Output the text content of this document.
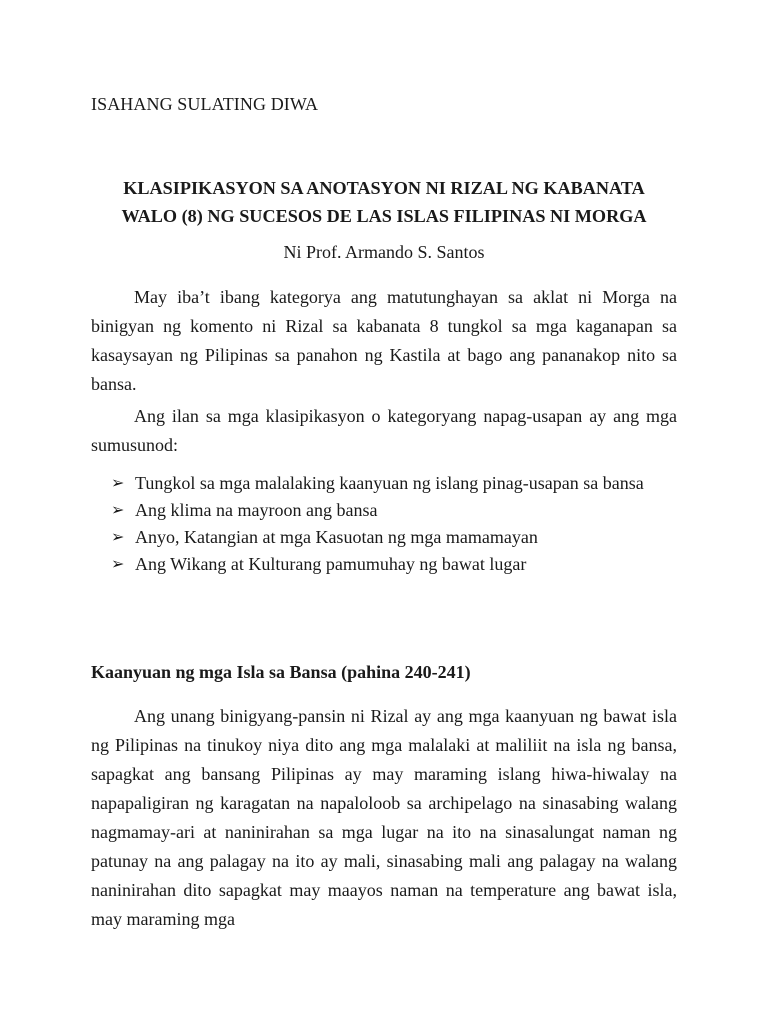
ISAHANG SULATING DIWA
KLASIPIKASYON SA ANOTASYON NI RIZAL NG KABANATA
WALO (8) NG SUCESOS DE LAS ISLAS FILIPINAS NI MORGA
Ni Prof. Armando S. Santos

May iba’t ibang kategorya ang matutunghayan sa aklat ni Morga na binigyan ng komento ni Rizal sa kabanata 8 tungkol sa mga kaganapan sa kasaysayan ng Pilipinas sa panahon ng Kastila at bago ang pananakop nito sa bansa.

Ang ilan sa mga klasipikasyon o kategoryang napag-usapan ay ang mga sumusunod:

➢ Tungkol sa mga malalaking kaanyuan ng islang pinag-usapan sa bansa
➢ Ang klima na mayroon ang bansa
➢ Anyo, Katangian at mga Kasuotan ng mga mamamayan
➢ Ang Wikang at Kulturang pamumuhay ng bawat lugar
Kaanyuan ng mga Isla sa Bansa (pahina 240-241)

Ang unang binigyang-pansin ni Rizal ay ang mga kaanyuan ng bawat isla ng Pilipinas na tinukoy niya dito ang mga malalaki at maliliit na isla ng bansa, sapagkat ang bansang Pilipinas ay may maraming islang hiwa-hiwalay na napapaligiran ng karagatan na napaloloob sa archipelago na sinasabing walang nagmamay-ari at naninirahan sa mga lugar na ito na sinasalungat naman ng patunay na ang palagay na ito ay mali, sinasabing mali ang palagay na walang naninirahan dito sapagkat may maayos naman na temperature ang bawat isla, may maraming mga
